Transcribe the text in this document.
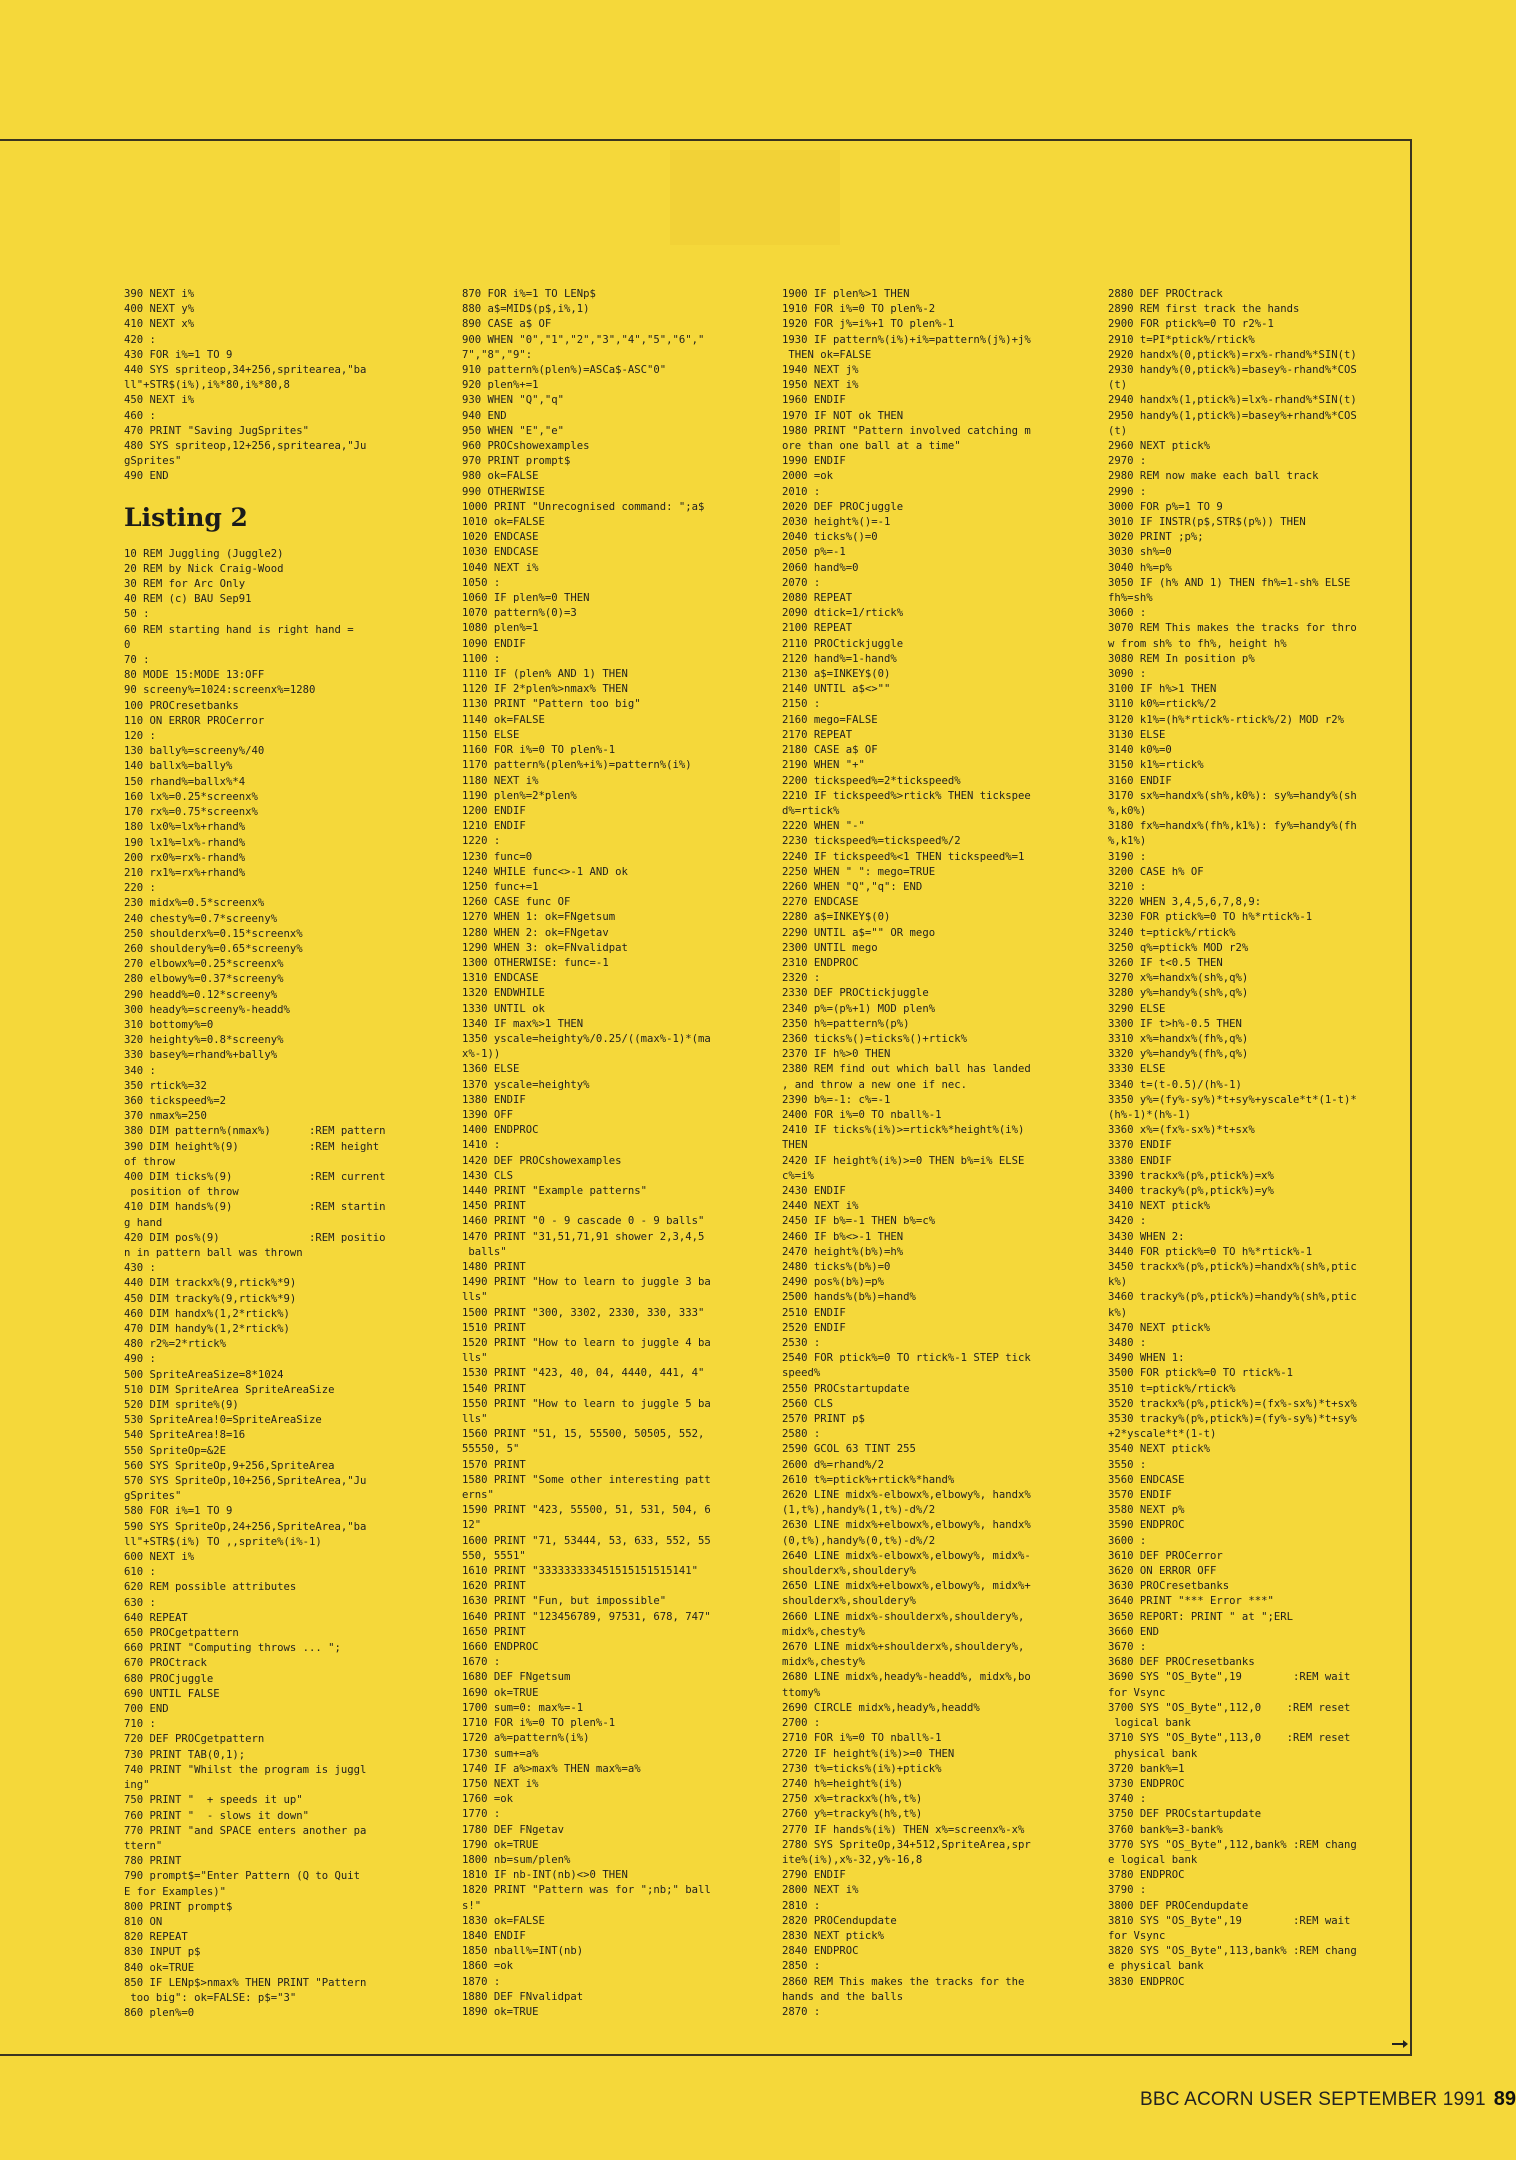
390 NEXT i%
400 NEXT y%
410 NEXT x%
420 :
430 FOR i%=1 TO 9
440 SYS spriteop,34+256,spritearea,"ba
ll"+STR$(i%),i%*80,i%*80,8
450 NEXT i%
460 :
470 PRINT "Saving JugSprites"
480 SYS spriteop,12+256,spritearea,"Ju
gSprites"
490 END
Listing 2
10 REM Juggling (Juggle2)
20 REM by Nick Craig-Wood
30 REM for Arc Only
40 REM (c) BAU Sep91
50 :
60 REM starting hand is right hand =
0
70 :
80 MODE 15:MODE 13:OFF
90 screeny%=1024:screenx%=1280
100 PROCresetbanks
110 ON ERROR PROCerror
120 :
130 bally%=screeny%/40
140 ballx%=bally%
150 rhand%=ballx%*4
160 lx%=0.25*screenx%
170 rx%=0.75*screenx%
180 lx0%=lx%+rhand%
190 lx1%=lx%-rhand%
200 rx0%=rx%-rhand%
210 rx1%=rx%+rhand%
220 :
230 midx%=0.5*screenx%
240 chesty%=0.7*screeny%
250 shoulderx%=0.15*screenx%
260 shouldery%=0.65*screeny%
270 elbowx%=0.25*screenx%
280 elbowy%=0.37*screeny%
290 headd%=0.12*screeny%
300 heady%=screeny%-headd%
310 bottomy%=0
320 heighty%=0.8*screeny%
330 basey%=rhand%+bally%
340 :
350 rtick%=32
360 tickspeed%=2
370 nmax%=250
380 DIM pattern%(nmax%)      :REM pattern
390 DIM height%(9)           :REM height
of throw
400 DIM ticks%(9)            :REM current
position of throw
410 DIM hands%(9)            :REM startin
g hand
420 DIM pos%(9)              :REM positio
n in pattern ball was thrown
430 :
440 DIM trackx%(9,rtick%*9)
450 DIM tracky%(9,rtick%*9)
460 DIM handx%(1,2*rtick%)
470 DIM handy%(1,2*rtick%)
480 r2%=2*rtick%
490 :
500 SpriteAreaSize=8*1024
510 DIM SpriteArea SpriteAreaSize
520 DIM sprite%(9)
530 SpriteArea!0=SpriteAreaSize
540 SpriteArea!8=16
550 SpriteOp=&2E
560 SYS SpriteOp,9+256,SpriteArea
570 SYS SpriteOp,10+256,SpriteArea,"Ju
gSprites"
580 FOR i%=1 TO 9
590 SYS SpriteOp,24+256,SpriteArea,"ba
ll"+STR$(i%) TO ,,sprite%(i%-1)
600 NEXT i%
610 :
620 REM possible attributes
630 :
640 REPEAT
650 PROCgetpattern
660 PRINT "Computing throws ... ";
670 PROCtrack
680 PROCjuggle
690 UNTIL FALSE
700 END
710 :
720 DEF PROCgetpattern
730 PRINT TAB(0,1);
740 PRINT "Whilst the program is juggl
ing"
750 PRINT "  + speeds it up"
760 PRINT "  - slows it down"
770 PRINT "and SPACE enters another pa
ttern"
780 PRINT
790 prompt$="Enter Pattern (Q to Quit
E for Examples)"
800 PRINT prompt$
810 ON
820 REPEAT
830 INPUT p$
840 ok=TRUE
850 IF LENp$>nmax% THEN PRINT "Pattern
too big": ok=FALSE: p$="3"
860 plen%=0
870 FOR i%=1 TO LENp$
880 a$=MID$(p$,i%,1)
890 CASE a$ OF
900 WHEN "0","1","2","3","4","5","6","
7","8","9":
910 pattern%(plen%)=ASCa$-ASC"0"
920 plen%+=1
930 WHEN "Q","q"
940 END
950 WHEN "E","e"
960 PROCshowexamples
970 PRINT prompt$
980 ok=FALSE
990 OTHERWISE
1000 PRINT "Unrecognised command: ";a$
1010 ok=FALSE
1020 ENDCASE
1030 ENDCASE
1040 NEXT i%
1050 :
1060 IF plen%=0 THEN
1070 pattern%(0)=3
1080 plen%=1
1090 ENDIF
1100 :
1110 IF (plen% AND 1) THEN
1120 IF 2*plen%>nmax% THEN
1130 PRINT "Pattern too big"
1140 ok=FALSE
1150 ELSE
1160 FOR i%=0 TO plen%-1
1170 pattern%(plen%+i%)=pattern%(i%)
1180 NEXT i%
1190 plen%=2*plen%
1200 ENDIF
1210 ENDIF
1220 :
1230 func=0
1240 WHILE func<>-1 AND ok
1250 func+=1
1260 CASE func OF
1270 WHEN 1: ok=FNgetsum
1280 WHEN 2: ok=FNgetav
1290 WHEN 3: ok=FNvalidpat
1300 OTHERWISE: func=-1
1310 ENDCASE
1320 ENDWHILE
1330 UNTIL ok
1340 IF max%>1 THEN
1350 yscale=heighty%/0.25/((max%-1)*(ma
x%-1))
1360 ELSE
1370 yscale=heighty%
1380 ENDIF
1390 OFF
1400 ENDPROC
1410 :
1420 DEF PROCshowexamples
1430 CLS
1440 PRINT "Example patterns"
1450 PRINT
1460 PRINT "0 - 9 cascade 0 - 9 balls"
1470 PRINT "31,51,71,91 shower 2,3,4,5
balls"
1480 PRINT
1490 PRINT "How to learn to juggle 3 ba
lls"
1500 PRINT "300, 3302, 2330, 330, 333"
1510 PRINT
1520 PRINT "How to learn to juggle 4 ba
lls"
1530 PRINT "423, 40, 04, 4440, 441, 4"
1540 PRINT
1550 PRINT "How to learn to juggle 5 ba
lls"
1560 PRINT "51, 15, 55500, 50505, 552,
55550, 5"
1570 PRINT
1580 PRINT "Some other interesting patt
erns"
1590 PRINT "423, 55500, 51, 531, 504, 6
12"
1600 PRINT "71, 53444, 53, 633, 552, 55
550, 5551"
1610 PRINT "333333333451515151515141"
1620 PRINT
1630 PRINT "Fun, but impossible"
1640 PRINT "123456789, 97531, 678, 747"
1650 PRINT
1660 ENDPROC
1670 :
1680 DEF FNgetsum
1690 ok=TRUE
1700 sum=0: max%=-1
1710 FOR i%=0 TO plen%-1
1720 a%=pattern%(i%)
1730 sum+=a%
1740 IF a%>max% THEN max%=a%
1750 NEXT i%
1760 =ok
1770 :
1780 DEF FNgetav
1790 ok=TRUE
1800 nb=sum/plen%
1810 IF nb-INT(nb)<>0 THEN
1820 PRINT "Pattern was for ";nb;" ball
s!"
1830 ok=FALSE
1840 ENDIF
1850 nball%=INT(nb)
1860 =ok
1870 :
1880 DEF FNvalidpat
1890 ok=TRUE
1900 IF plen%>1 THEN
1910 FOR i%=0 TO plen%-2
1920 FOR j%=i%+1 TO plen%-1
1930 IF pattern%(i%)+i%=pattern%(j%)+j%
THEN ok=FALSE
1940 NEXT j%
1950 NEXT i%
1960 ENDIF
1970 IF NOT ok THEN
1980 PRINT "Pattern involved catching m
ore than one ball at a time"
1990 ENDIF
2000 =ok
2010 :
2020 DEF PROCjuggle
2030 height%()=-1
2040 ticks%()=0
2050 p%=-1
2060 hand%=0
2070 :
2080 REPEAT
2090 dtick=1/rtick%
2100 REPEAT
2110 PROCtickjuggle
2120 hand%=1-hand%
2130 a$=INKEY$(0)
2140 UNTIL a$<>""
2150 :
2160 mego=FALSE
2170 REPEAT
2180 CASE a$ OF
2190 WHEN "+"
2200 tickspeed%=2*tickspeed%
2210 IF tickspeed%>rtick% THEN tickspee
d%=rtick%
2220 WHEN "-"
2230 tickspeed%=tickspeed%/2
2240 IF tickspeed%<1 THEN tickspeed%=1
2250 WHEN " ": mego=TRUE
2260 WHEN "Q","q": END
2270 ENDCASE
2280 a$=INKEY$(0)
2290 UNTIL a$="" OR mego
2300 UNTIL mego
2310 ENDPROC
2320 :
2330 DEF PROCtickjuggle
2340 p%=(p%+1) MOD plen%
2350 h%=pattern%(p%)
2360 ticks%()=ticks%()+rtick%
2370 IF h%>0 THEN
2380 REM find out which ball has landed
, and throw a new one if nec.
2390 b%=-1: c%=-1
2400 FOR i%=0 TO nball%-1
2410 IF ticks%(i%)>=rtick%*height%(i%)
THEN
2420 IF height%(i%)>=0 THEN b%=i% ELSE
c%=i%
2430 ENDIF
2440 NEXT i%
2450 IF b%=-1 THEN b%=c%
2460 IF b%<>-1 THEN
2470 height%(b%)=h%
2480 ticks%(b%)=0
2490 pos%(b%)=p%
2500 hands%(b%)=hand%
2510 ENDIF
2520 ENDIF
2530 :
2540 FOR ptick%=0 TO rtick%-1 STEP tick
speed%
2550 PROCstartupdate
2560 CLS
2570 PRINT p$
2580 :
2590 GCOL 63 TINT 255
2600 d%=rhand%/2
2610 t%=ptick%+rtick%*hand%
2620 LINE midx%-elbowx%,elbowy%, handx%
(1,t%),handy%(1,t%)-d%/2
2630 LINE midx%+elbowx%,elbowy%, handx%
(0,t%),handy%(0,t%)-d%/2
2640 LINE midx%-elbowx%,elbowy%, midx%-
shoulderx%,shouldery%
2650 LINE midx%+elbowx%,elbowy%, midx%+
shoulderx%,shouldery%
2660 LINE midx%-shoulderx%,shouldery%,
midx%,chesty%
2670 LINE midx%+shoulderx%,shouldery%,
midx%,chesty%
2680 LINE midx%,heady%-headd%, midx%,bo
ttomy%
2690 CIRCLE midx%,heady%,headd%
2700 :
2710 FOR i%=0 TO nball%-1
2720 IF height%(i%)>=0 THEN
2730 t%=ticks%(i%)+ptick%
2740 h%=height%(i%)
2750 x%=trackx%(h%,t%)
2760 y%=tracky%(h%,t%)
2770 IF hands%(i%) THEN x%=screenx%-x%
2780 SYS SpriteOp,34+512,SpriteArea,spr
ite%(i%),x%-32,y%-16,8
2790 ENDIF
2800 NEXT i%
2810 :
2820 PROCendupdate
2830 NEXT ptick%
2840 ENDPROC
2850 :
2860 REM This makes the tracks for the
hands and the balls
2870 :
2880 DEF PROCtrack
2890 REM first track the hands
2900 FOR ptick%=0 TO r2%-1
2910 t=PI*ptick%/rtick%
2920 handx%(0,ptick%)=rx%-rhand%*SIN(t)
2930 handy%(0,ptick%)=basey%-rhand%*COS
(t)
2940 handx%(1,ptick%)=lx%-rhand%*SIN(t)
2950 handy%(1,ptick%)=basey%+rhand%*COS
(t)
2960 NEXT ptick%
2970 :
2980 REM now make each ball track
2990 :
3000 FOR p%=1 TO 9
3010 IF INSTR(p$,STR$(p%)) THEN
3020 PRINT ;p%;
3030 sh%=0
3040 h%=p%
3050 IF (h% AND 1) THEN fh%=1-sh% ELSE
fh%=sh%
3060 :
3070 REM This makes the tracks for thro
w from sh% to fh%, height h%
3080 REM In position p%
3090 :
3100 IF h%>1 THEN
3110 k0%=rtick%/2
3120 k1%=(h%*rtick%-rtick%/2) MOD r2%
3130 ELSE
3140 k0%=0
3150 k1%=rtick%
3160 ENDIF
3170 sx%=handx%(sh%,k0%): sy%=handy%(sh
%,k0%)
3180 fx%=handx%(fh%,k1%): fy%=handy%(fh
%,k1%)
3190 :
3200 CASE h% OF
3210 :
3220 WHEN 3,4,5,6,7,8,9:
3230 FOR ptick%=0 TO h%*rtick%-1
3240 t=ptick%/rtick%
3250 q%=ptick% MOD r2%
3260 IF t<0.5 THEN
3270 x%=handx%(sh%,q%)
3280 y%=handy%(sh%,q%)
3290 ELSE
3300 IF t>h%-0.5 THEN
3310 x%=handx%(fh%,q%)
3320 y%=handy%(fh%,q%)
3330 ELSE
3340 t=(t-0.5)/(h%-1)
3350 y%=(fy%-sy%)*t+sy%+yscale*t*(1-t)*
(h%-1)*(h%-1)
3360 x%=(fx%-sx%)*t+sx%
3370 ENDIF
3380 ENDIF
3390 trackx%(p%,ptick%)=x%
3400 tracky%(p%,ptick%)=y%
3410 NEXT ptick%
3420 :
3430 WHEN 2:
3440 FOR ptick%=0 TO h%*rtick%-1
3450 trackx%(p%,ptick%)=handx%(sh%,ptic
k%)
3460 tracky%(p%,ptick%)=handy%(sh%,ptic
k%)
3470 NEXT ptick%
3480 :
3490 WHEN 1:
3500 FOR ptick%=0 TO rtick%-1
3510 t=ptick%/rtick%
3520 trackx%(p%,ptick%)=(fx%-sx%)*t+sx%
3530 tracky%(p%,ptick%)=(fy%-sy%)*t+sy%
+2*yscale*t*(1-t)
3540 NEXT ptick%
3550 :
3560 ENDCASE
3570 ENDIF
3580 NEXT p%
3590 ENDPROC
3600 :
3610 DEF PROCerror
3620 ON ERROR OFF
3630 PROCresetbanks
3640 PRINT "*** Error ***"
3650 REPORT: PRINT " at ";ERL
3660 END
3670 :
3680 DEF PROCresetbanks
3690 SYS "OS_Byte",19        :REM wait
for Vsync
3700 SYS "OS_Byte",112,0    :REM reset
logical bank
3710 SYS "OS_Byte",113,0    :REM reset
physical bank
3720 bank%=1
3730 ENDPROC
3740 :
3750 DEF PROCstartupdate
3760 bank%=3-bank%
3770 SYS "OS_Byte",112,bank% :REM chang
e logical bank
3780 ENDPROC
3790 :
3800 DEF PROCendupdate
3810 SYS "OS_Byte",19        :REM wait
for Vsync
3820 SYS "OS_Byte",113,bank% :REM chang
e physical bank
3830 ENDPROC
BBC ACORN USER SEPTEMBER 1991 89
